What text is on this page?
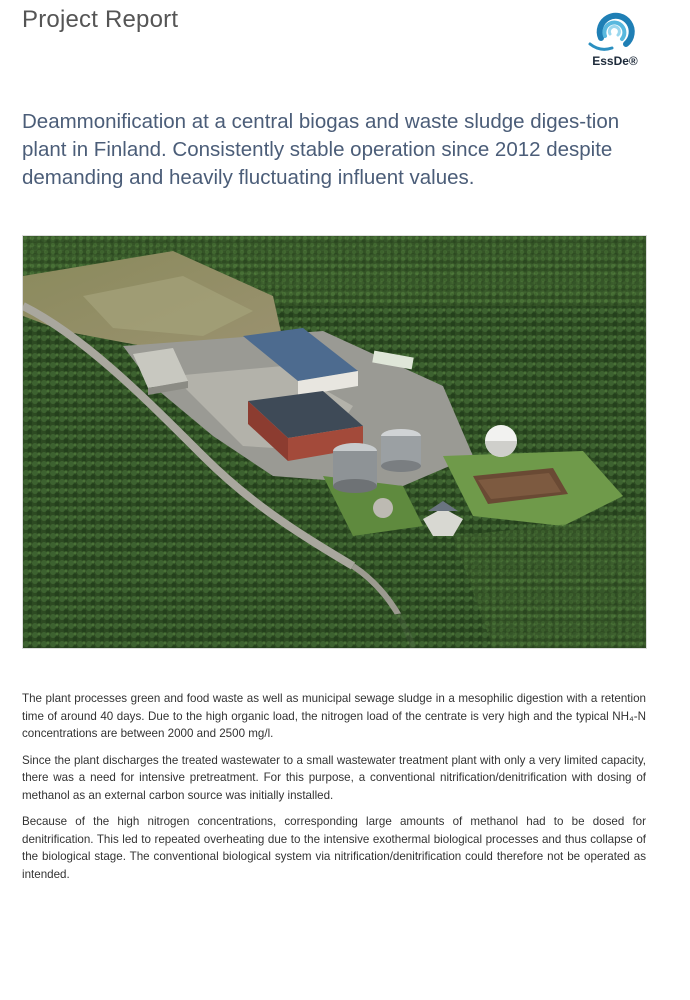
Project Report
EssDe®
Deammonification at a central biogas and waste sludge diges-tion plant in Finland. Consistently stable operation since 2012 despite demanding and heavily fluctuating influent values.

The plant processes green and food waste as well as municipal sewage sludge in a mesophilic digestion with a retention time of around 40 days. Due to the high organic load, the nitrogen load of the centrate is very high and the typical NH₄-N concentrations are between 2000 and 2500 mg/l.

Since the plant discharges the treated wastewater to a small wastewater treatment plant with only a very limited capacity, there was a need for intensive pretreatment. For this purpose, a conventional nitrification/denitrification with dosing of methanol as an external carbon source was initially installed.

Because of the high nitrogen concentrations, corresponding large amounts of methanol had to be dosed for denitrification. This led to repeated overheating due to the intensive exothermal biological processes and thus collapse of the biological stage. The conventional biological system via nitrification/denitrification could therefore not be operated as intended.
